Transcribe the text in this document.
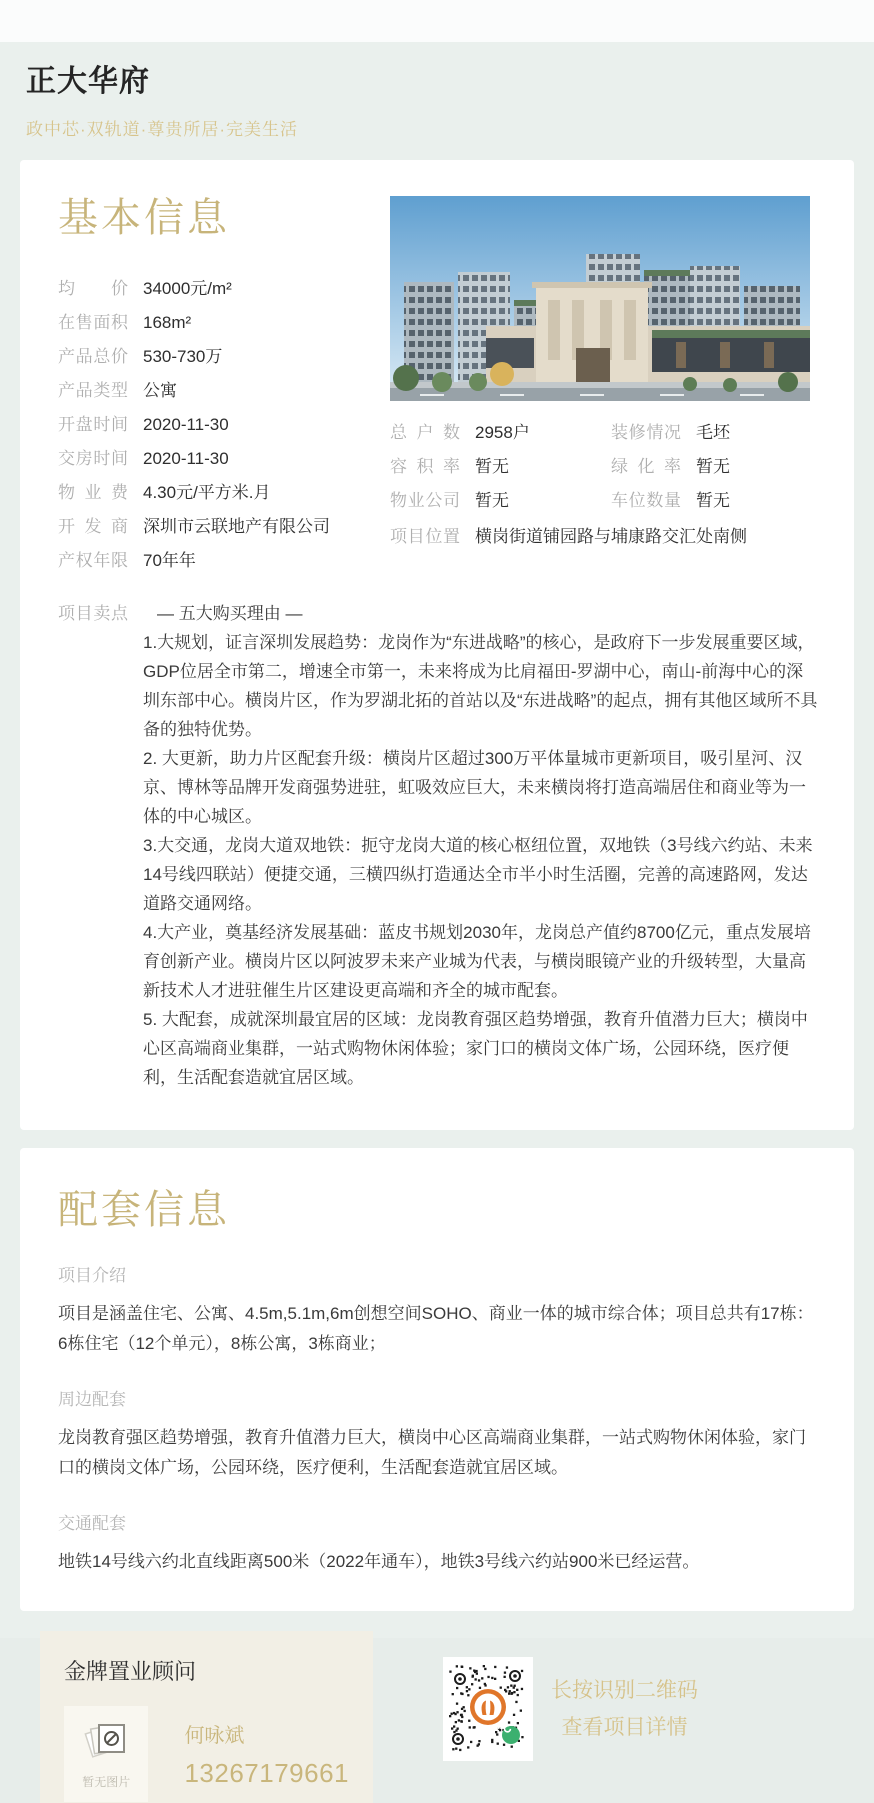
正大华府
政中芯·双轨道·尊贵所居·完美生活
基本信息
均价 34000元/m²
在售面积 168m²
产品总价 530-730万
产品类型 公寓
开盘时间 2020-11-30
交房时间 2020-11-30
物业费 4.30元/平方米.月
开发商 深圳市云联地产有限公司
产权年限 70年年
总户数 2958户	装修情况 毛坯
容积率 暂无	绿化率 暂无
物业公司 暂无	车位数量 暂无
项目位置 横岗街道铺园路与埔康路交汇处南侧
项目卖点	— 五大购买理由 —

1.大规划，证言深圳发展趋势：龙岗作为“东进战略”的核心，是政府下一步发展重要区域，GDP位居全市第二，增速全市第一，未来将成为比肩福田-罗湖中心，南山-前海中心的深圳东部中心。横岗片区，作为罗湖北拓的首站以及“东进战略”的起点，拥有其他区域所不具备的独特优势。

2. 大更新，助力片区配套升级：横岗片区超过300万平体量城市更新项目，吸引星河、汉京、博林等品牌开发商强势进驻，虹吸效应巨大，未来横岗将打造高端居住和商业等为一体的中心城区。

3.大交通，龙岗大道双地铁：扼守龙岗大道的核心枢纽位置，双地铁（3号线六约站、未来14号线四联站）便捷交通，三横四纵打造通达全市半小时生活圈，完善的高速路网，发达道路交通网络。

4.大产业，奠基经济发展基础：蓝皮书规划2030年，龙岗总产值约8700亿元，重点发展培育创新产业。横岗片区以阿波罗未来产业城为代表，与横岗眼镜产业的升级转型，大量高新技术人才进驻催生片区建设更高端和齐全的城市配套。

5. 大配套，成就深圳最宜居的区域：龙岗教育强区趋势增强，教育升值潜力巨大；横岗中心区高端商业集群，一站式购物休闲体验；家门口的横岗文体广场，公园环绕，医疗便利，生活配套造就宜居区域。

配套信息
项目介绍
项目是涵盖住宅、公寓、4.5m,5.1m,6m创想空间SOHO、商业一体的城市综合体；项目总共有17栋：6栋住宅（12个单元），8栋公寓，3栋商业；
周边配套
龙岗教育强区趋势增强，教育升值潜力巨大，横岗中心区高端商业集群，一站式购物休闲体验，家门口的横岗文体广场，公园环绕，医疗便利，生活配套造就宜居区域。
交通配套
地铁14号线六约北直线距离500米（2022年通车），地铁3号线六约站900米已经运营。
金牌置业顾问
暂无图片
何咏斌
13267179661
长按识别二维码
查看项目详情
